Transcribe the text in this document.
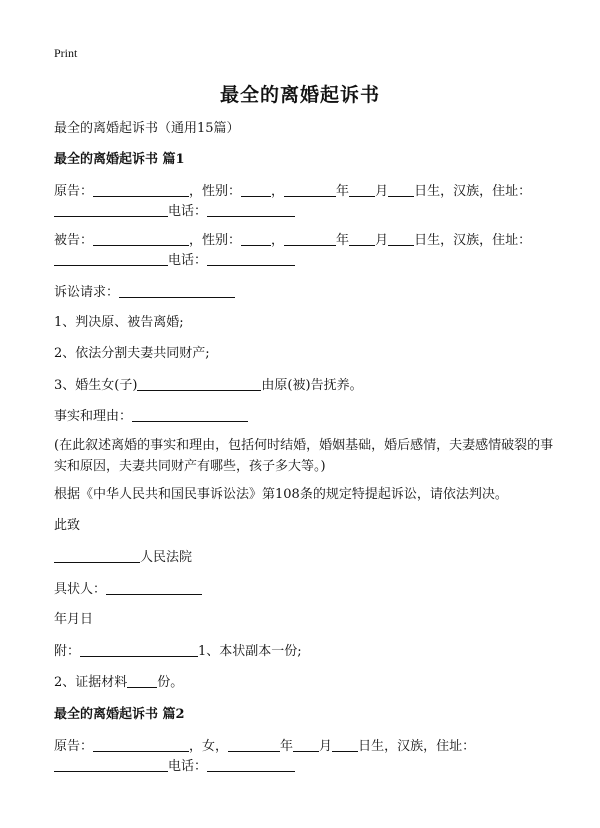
Print
最全的离婚起诉书
最全的离婚起诉书（通用15篇）
最全的离婚起诉书 篇1
原告：	，性别： ，	年 月 日生，汉族，住址：
电话：
被告：	，性别： ，	年 月 日生，汉族，住址：
电话：
诉讼请求：
1、判决原、被告离婚;
2、依法分割夫妻共同财产;
3、婚生女(子)	由原(被)告抚养。
事实和理由：
(在此叙述离婚的事实和理由，包括何时结婚，婚姻基础，婚后感情，夫妻感情破裂的事实和原因，夫妻共同财产有哪些，孩子多大等。)
根据《中华人民共和国民事诉讼法》第108条的规定特提起诉讼，请依法判决。
此致
人民法院
具状人：
年月日
附：	1、本状副本一份;
2、证据材料 份。
最全的离婚起诉书 篇2
原告：	，女，	年 月 日生，汉族，住址：
电话：
